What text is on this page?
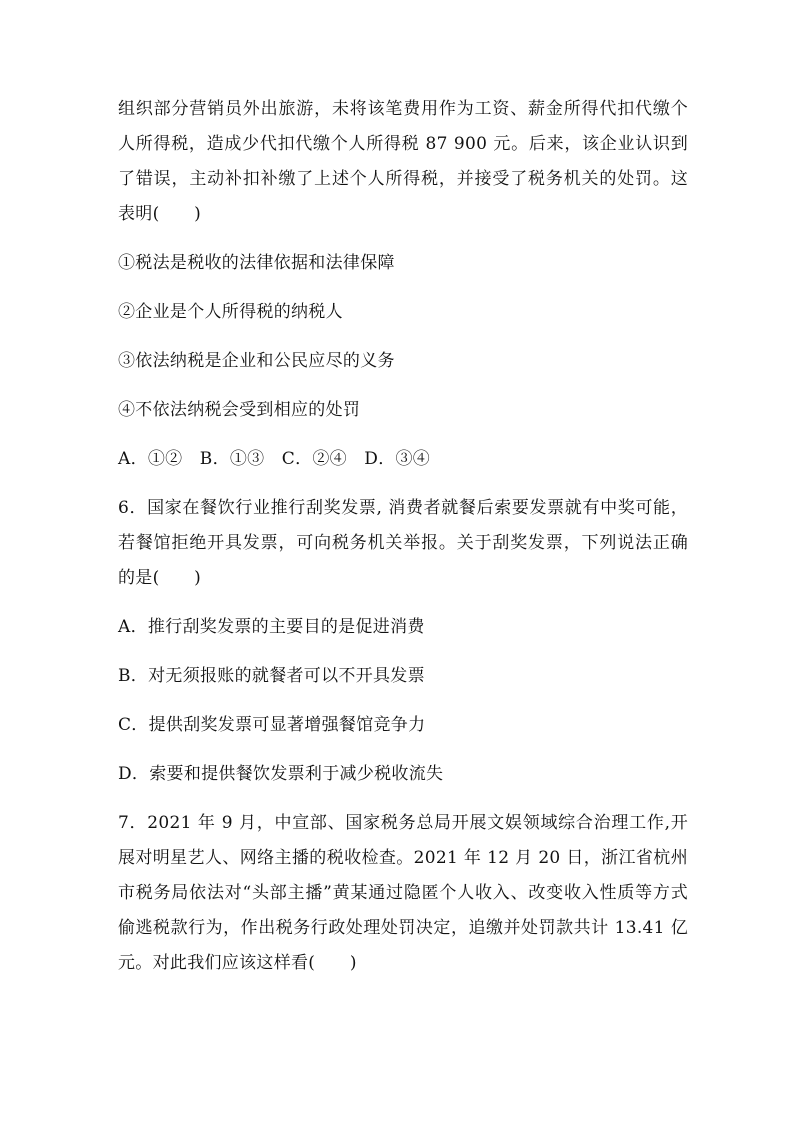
组织部分营销员外出旅游，未将该笔费用作为工资、薪金所得代扣代缴个人所得税，造成少代扣代缴个人所得税 87 900 元。后来，该企业认识到了错误，主动补扣补缴了上述个人所得税，并接受了税务机关的处罚。这表明(　　)

①税法是税收的法律依据和法律保障

②企业是个人所得税的纳税人

③依法纳税是企业和公民应尽的义务

④不依法纳税会受到相应的处罚

A．①②　B．①③　C．②④　D．③④

6．国家在餐饮行业推行刮奖发票, 消费者就餐后索要发票就有中奖可能，若餐馆拒绝开具发票，可向税务机关举报。关于刮奖发票，下列说法正确的是(　　)

A．推行刮奖发票的主要目的是促进消费

B．对无须报账的就餐者可以不开具发票

C．提供刮奖发票可显著增强餐馆竞争力

D．索要和提供餐饮发票利于减少税收流失

7．2021 年 9 月，中宣部、国家税务总局开展文娱领域综合治理工作,开展对明星艺人、网络主播的税收检查。2021 年 12 月 20 日，浙江省杭州市税务局依法对“头部主播”黄某通过隐匿个人收入、改变收入性质等方式偷逃税款行为，作出税务行政处理处罚决定，追缴并处罚款共计 13.41 亿元。对此我们应该这样看(　　)
